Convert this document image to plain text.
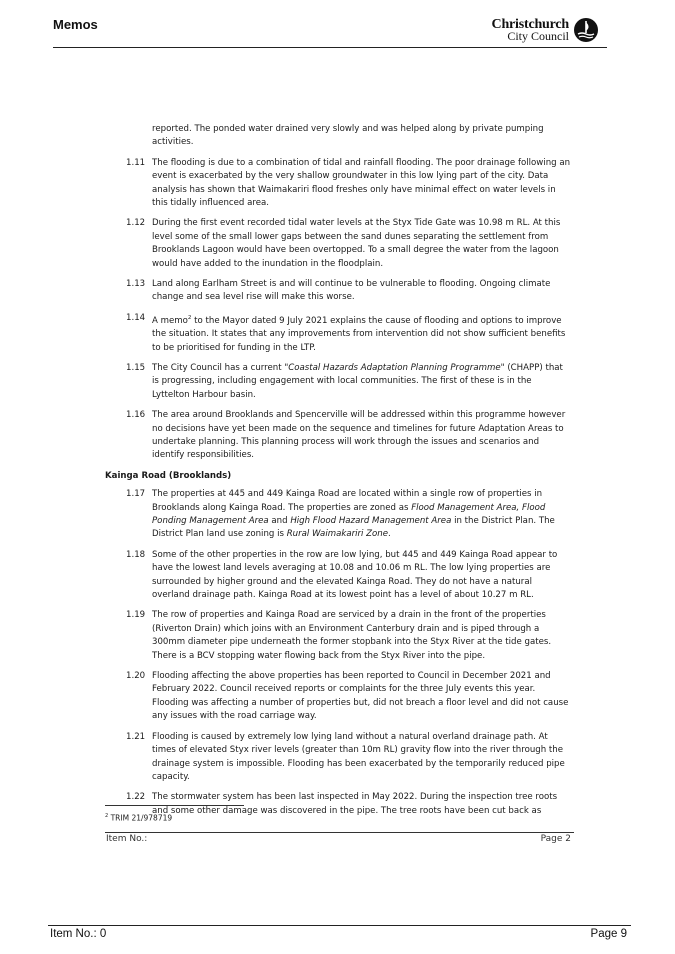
Memos	Christchurch
City Council
reported. The ponded water drained very slowly and was helped along by private pumping activities.
1.11 The flooding is due to a combination of tidal and rainfall flooding. The poor drainage following an event is exacerbated by the very shallow groundwater in this low lying part of the city. Data analysis has shown that Waimakariri flood freshes only have minimal effect on water levels in this tidally influenced area.
1.12 During the first event recorded tidal water levels at the Styx Tide Gate was 10.98 m RL. At this level some of the small lower gaps between the sand dunes separating the settlement from Brooklands Lagoon would have been overtopped. To a small degree the water from the lagoon would have added to the inundation in the floodplain.
1.13 Land along Earlham Street is and will continue to be vulnerable to flooding. Ongoing climate change and sea level rise will make this worse.
1.14 A memo$^2$ to the Mayor dated 9 July 2021 explains the cause of flooding and options to improve the situation. It states that any improvements from intervention did not show sufficient benefits to be prioritised for funding in the LTP.
1.15 The City Council has a current "Coastal Hazards Adaptation Planning Programme" (CHAPP) that is progressing, including engagement with local communities. The first of these is in the Lyttelton Harbour basin.
1.16 The area around Brooklands and Spencerville will be addressed within this programme however no decisions have yet been made on the sequence and timelines for future Adaptation Areas to undertake planning. This planning process will work through the issues and scenarios and identify responsibilities.
Kainga Road (Brooklands)
1.17 The properties at 445 and 449 Kainga Road are located within a single row of properties in Brooklands along Kainga Road. The properties are zoned as Flood Management Area, Flood Ponding Management Area and High Flood Hazard Management Area in the District Plan. The District Plan land use zoning is Rural Waimakariri Zone.
1.18 Some of the other properties in the row are low lying, but 445 and 449 Kainga Road appear to have the lowest land levels averaging at 10.08 and 10.06 m RL. The low lying properties are surrounded by higher ground and the elevated Kainga Road. They do not have a natural overland drainage path. Kainga Road at its lowest point has a level of about 10.27 m RL.
1.19 The row of properties and Kainga Road are serviced by a drain in the front of the properties (Riverton Drain) which joins with an Environment Canterbury drain and is piped through a 300mm diameter pipe underneath the former stopbank into the Styx River at the tide gates. There is a BCV stopping water flowing back from the Styx River into the pipe.
1.20 Flooding affecting the above properties has been reported to Council in December 2021 and February 2022. Council received reports or complaints for the three July events this year. Flooding was affecting a number of properties but, did not breach a floor level and did not cause any issues with the road carriage way.
1.21 Flooding is caused by extremely low lying land without a natural overland drainage path. At times of elevated Styx river levels (greater than 10m RL) gravity flow into the river through the drainage system is impossible. Flooding has been exacerbated by the temporarily reduced pipe capacity.
1.22 The stormwater system has been last inspected in May 2022. During the inspection tree roots and some other damage was discovered in the pipe. The tree roots have been cut back as
$^2$ TRIM 21/978719
Item No.:	Page 2
Item No.: 0	Page 9
